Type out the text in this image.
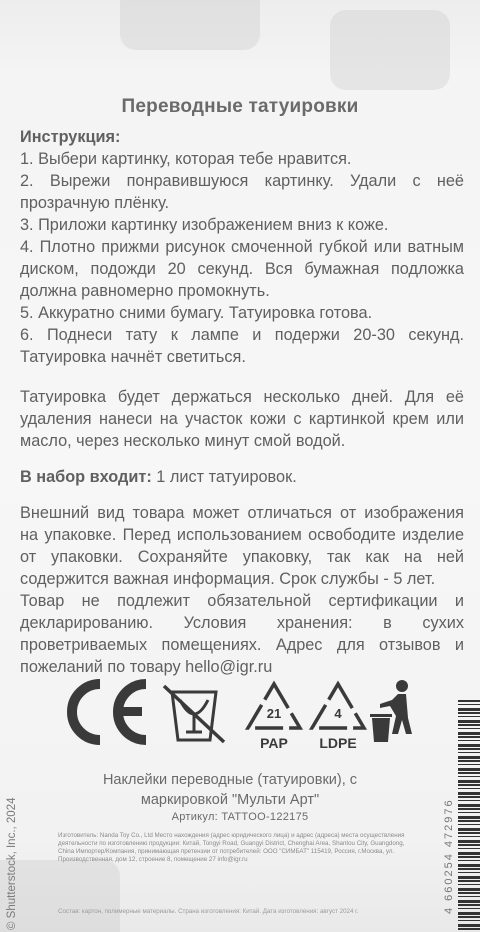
Переводные татуировки

Инструкция:

1. Выбери картинку, которая тебе нравится.

2. Вырежи понравившуюся картинку. Удали с неё прозрачную плёнку.

3. Приложи картинку изображением вниз к коже.

4. Плотно прижми рисунок смоченной губкой или ватным диском, подожди 20 секунд. Вся бумажная подложка должна равномерно промокнуть.

5. Аккуратно сними бумагу. Татуировка готова.

6. Поднеси тату к лампе и подержи 20-30 секунд. Татуировка начнёт светиться.

Татуировка будет держаться несколько дней. Для её удаления нанеси на участок кожи с картинкой крем или масло, через несколько минут смой водой.

В набор входит: 1 лист татуировок.

Внешний вид товара может отличаться от изображения на упаковке. Перед использованием освободите изделие от упаковки. Сохраняйте упаковку, так как на ней содержится важная информация. Срок службы - 5 лет.

Товар не подлежит обязательной сертификации и декларированию. Условия хранения: в сухих проветриваемых помещениях. Адрес для отзывов и пожеланий по товару hello@igr.ru

21
PAP
4
LDPE
Наклейки переводные (татуировки), с
маркировкой "Мульти Арт"
Артикул: TATTOO-122175
Изготовитель: Nanda Toy Co., Ltd Место нахождения (адрес юридического лица) и адрес (адреса) места осуществления деятельности по изготовлению продукции: Китай, Tongyi Road, Guangyi District, Chenghai Area, Shantou City, Guangdong, China Импортер/Компания, принимающая претензии от потребителей: ООО "СИМБАТ" 115419, Россия, г.Москва, ул. Производственная, дом 12, строение 8, помещение 27 info@igr.ru
Состав: картон, полимерные материалы. Страна изготовления: Китай. Дата изготовления: август 2024 г.
© Shutterstock, Inc., 2024	4 660254 472976
